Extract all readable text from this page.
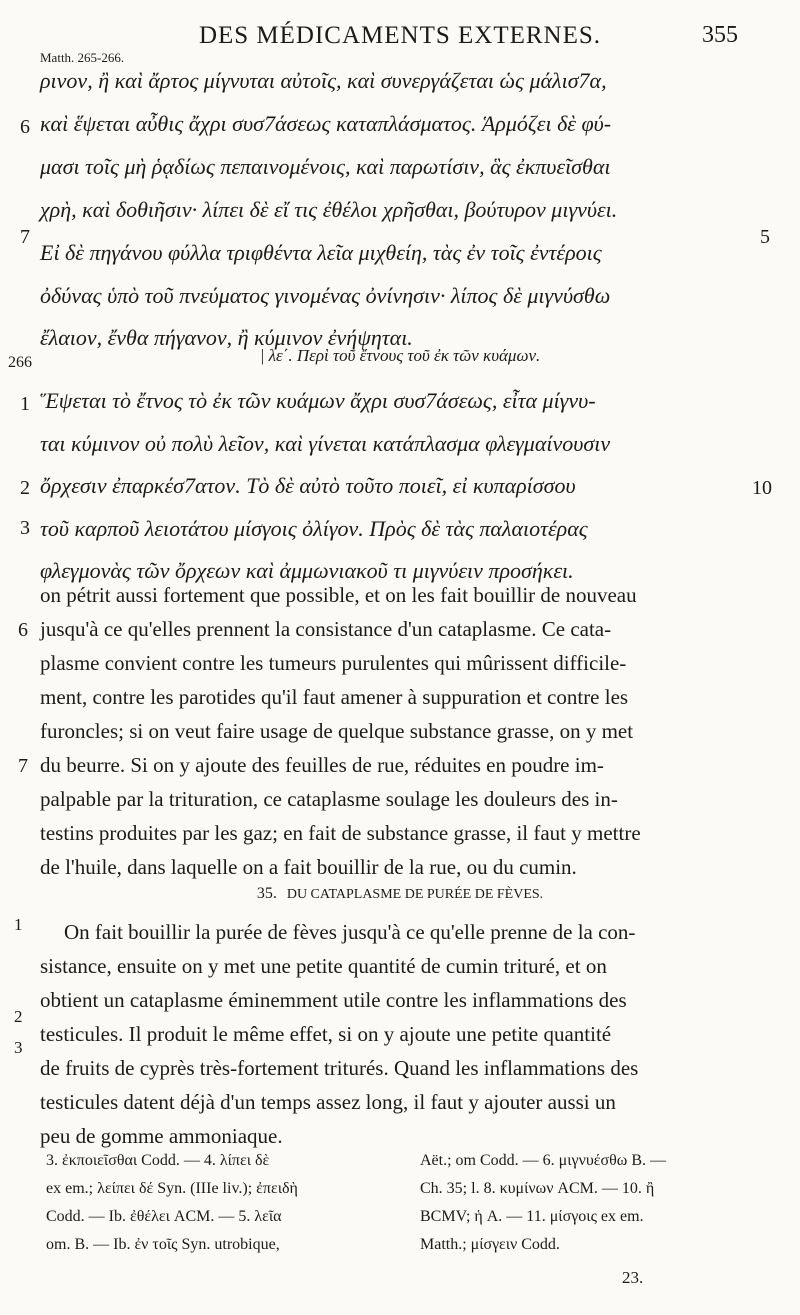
DES MÉDICAMENTS EXTERNES.	355
Matth. 265-266.
ρινον, ἢ καὶ ἄρτος μίγνυται αὐτοῖς, καὶ συνεργάζεται ὡς μάλισ7α,
καὶ ἕψεται αὖθις ἄχρι συσ7άσεως καταπλάσματος. Ἁρμόζει δὲ φύ-
μασι τοῖς μὴ ῥᾳδίως πεπαινομένοις, καὶ παρωτίσιν, ἃς ἐκπυεῖσθαι
χρὴ, καὶ δοθιῆσιν· λίπει δὲ εἴ τις ἐθέλοι χρῆσθαι, βούτυρον μιγνύει.
Εἰ δὲ πηγάνου φύλλα τριφθέντα λεῖα μιχθείη, τὰς ἐν τοῖς ἐντέροις
ὀδύνας ὑπὸ τοῦ πνεύματος γινομένας ὀνίνησιν· λίπος δὲ μιγνύσθω
ἔλαιον, ἔνθα πήγανον, ἢ κύμινον ἐνήψηται.
6
7	5
266	| λε΄. Περὶ τοῦ ἔτνους τοῦ ἐκ τῶν κυάμων.
Ἕψεται τὸ ἔτνος τὸ ἐκ τῶν κυάμων ἄχρι συσ7άσεως, εἶτα μίγνυ-
ται κύμινον οὐ πολὺ λεῖον, καὶ γίνεται κατάπλασμα φλεγμαίνουσιν
ὄρχεσιν ἐπαρκέσ7ατον. Τὸ δὲ αὐτὸ τοῦτο ποιεῖ, εἰ κυπαρίσσου
τοῦ καρποῦ λειοτάτου μίσγοις ὀλίγον. Πρὸς δὲ τὰς παλαιοτέρας
φλεγμονὰς τῶν ὄρχεων καὶ ἀμμωνιακοῦ τι μιγνύειν προσήκει.
1
2	10
3
on pétrit aussi fortement que possible, et on les fait bouillir de nouveau
jusqu'à ce qu'elles prennent la consistance d'un cataplasme. Ce cata-
plasme convient contre les tumeurs purulentes qui mûrissent difficile-
ment, contre les parotides qu'il faut amener à suppuration et contre les
furoncles; si on veut faire usage de quelque substance grasse, on y met
du beurre. Si on y ajoute des feuilles de rue, réduites en poudre im-
palpable par la trituration, ce cataplasme soulage les douleurs des in-
testins produites par les gaz; en fait de substance grasse, il faut y mettre
de l'huile, dans laquelle on a fait bouillir de la rue, ou du cumin.
6
7
35. DU CATAPLASME DE PURÉE DE FÈVES.
On fait bouillir la purée de fèves jusqu'à ce qu'elle prenne de la con-
sistance, ensuite on y met une petite quantité de cumin trituré, et on
obtient un cataplasme éminemment utile contre les inflammations des
testicules. Il produit le même effet, si on y ajoute une petite quantité
de fruits de cyprès très-fortement triturés. Quand les inflammations des
testicules datent déjà d'un temps assez long, il faut y ajouter aussi un
peu de gomme ammoniaque.
1
2
3
3. ἐκποιεῖσθαι Codd. — 4. λίπει δὲ
ex em.; λείπει δέ Syn. (IIIe liv.); ἐπειδὴ
Codd. — Ib. ἐθέλει ACM. — 5. λεῖα
om. B. — Ib. ἐν τοῖς Syn. utrobique,
Aët.; om Codd. — 6. μιγνυέσθω B. —
Ch. 35; l. 8. κυμίνων ACM. — 10. ἢ
BCMV; ἡ A. — 11. μίσγοις ex em.
Matth.; μίσγειν Codd.
23.
